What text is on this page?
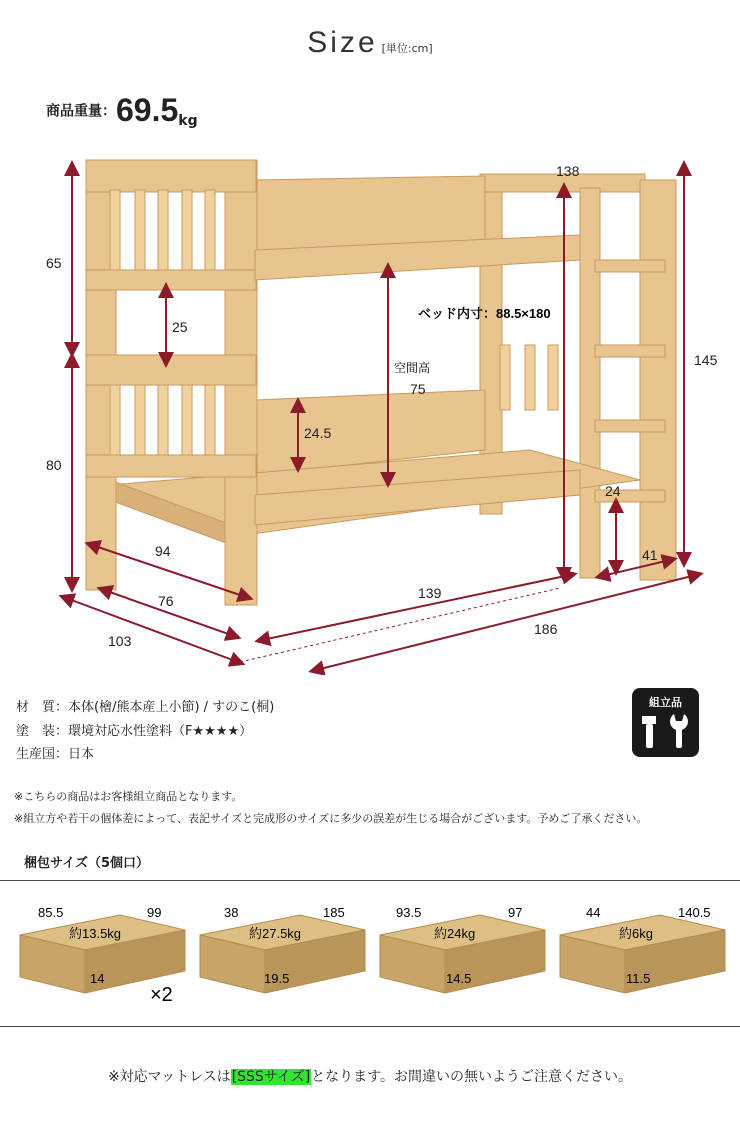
Size [単位:cm]
商品重量：69.5kg
65
80
25
24.5
空間高
75
ベッド内寸：88.5×180
138
145
24
41
94
76
103
139
186
材　質：本体(檜/熊本産上小節) / すのこ(桐)
塗　装：環境対応水性塗料（F★★★★）
生産国：日本
組立品
※こちらの商品はお客様組立商品となります。
※組立方や若干の個体差によって、表記サイズと完成形のサイズに多少の誤差が生じる場合がございます。予めご了承ください。
梱包サイズ（5個口）
85.5	99
約13.5kg
14
×2
38	185
約27.5kg
19.5
93.5	97
約24kg
14.5
44	140.5
約6kg
11.5
※対応マットレスは[SSSサイズ]となります。お間違いの無いようご注意ください。
